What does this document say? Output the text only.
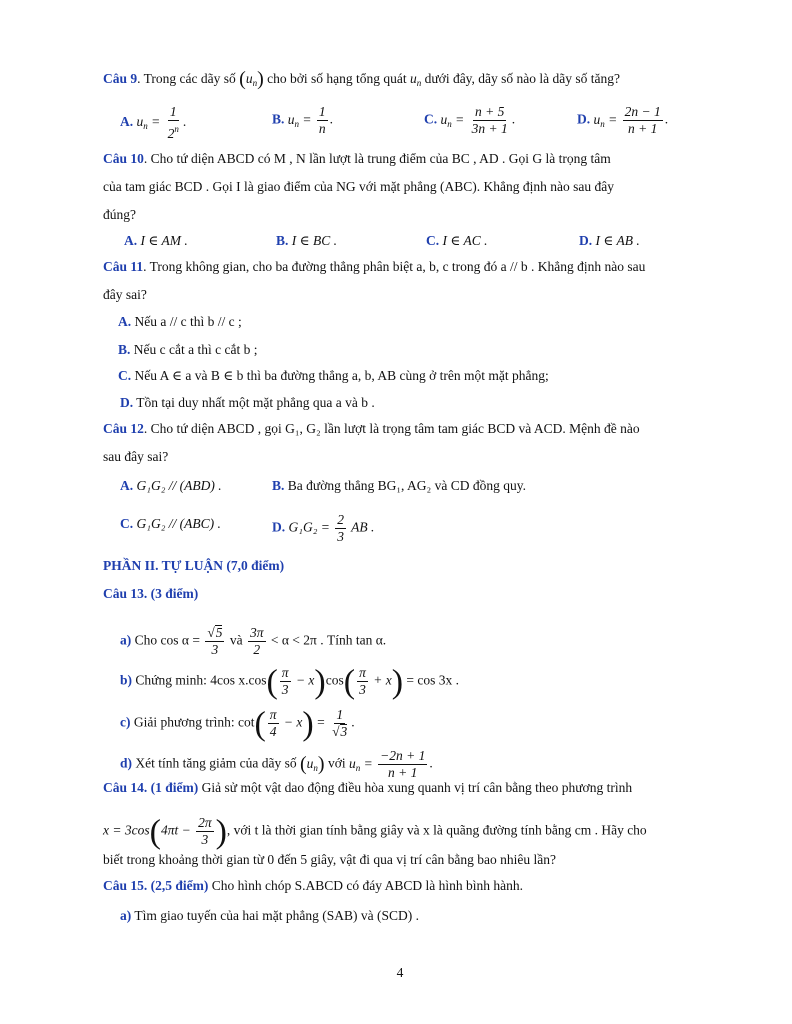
Câu 9. Trong các dãy số $(u_n)$ cho bởi số hạng tổng quát $u_n$ dưới đây, dãy số nào là dãy số tăng?
A. $u_n = \frac{1}{2^n}$ .	B. $u_n = \frac{1}{n}$ .	C. $u_n = \frac{n + 5}{3n + 1}$ .	D. $u_n = \frac{2n - 1}{n + 1}$ .
Câu 10. Cho tứ diện ABCD có M , N lần lượt là trung điểm của BC , AD . Gọi G là trọng tâm
của tam giác BCD . Gọi I là giao điểm của NG với mặt phẳng (ABC). Khẳng định nào sau đây
đúng?
A. I ∈ AM .	B. I ∈ BC .	C. I ∈ AC .	D. I ∈ AB .
Câu 11. Trong không gian, cho ba đường thẳng phân biệt a, b, c trong đó a // b . Khẳng định nào sau
đây sai?
A. Nếu a // c thì b // c ;
B. Nếu c cắt a thì c cắt b ;
C. Nếu A ∈ a và B ∈ b thì ba đường thẳng a, b, AB cùng ở trên một mặt phẳng;
D. Tồn tại duy nhất một mặt phẳng qua a và b .
Câu 12. Cho tứ diện ABCD , gọi G₁, G₂ lần lượt là trọng tâm tam giác BCD và ACD. Mệnh đề nào
sau đây sai?
A. G₁G₂ // (ABD) .	B. Ba đường thẳng BG₁, AG₂ và CD đồng quy.
C. G₁G₂ // (ABC) .	D. $G_1G_2 = \frac{2}{3}$ AB .
PHẦN II. TỰ LUẬN (7,0 điểm)
Câu 13. (3 điểm)
a) Cho $\cos \alpha = \frac{√5}{3}$ và $\frac{3\pi}{2} < \alpha < 2\pi$ . Tính tan α.
b) Chứng minh: 4cos $x.\cos( \frac{\pi}{3} - x)\cos( \frac{\pi}{3} + x) = \cos 3x$ .
c) Giải phương trình: $\cot( \frac{\pi}{4} - x) = \frac{1}{√3}$ .
d) Xét tính tăng giảm của dãy số $(u_n)$ với $u_n = \frac{-2n + 1}{n + 1}$ .
Câu 14. (1 điểm) Giả sử một vật dao động điều hòa xung quanh vị trí cân bằng theo phương trình
$x = 3\cos(4\pi t - \frac{2\pi}{3}$ ), với t là thời gian tính bằng giây và x là quãng đường tính bằng cm . Hãy cho
biết trong khoảng thời gian từ 0 đến 5 giây, vật đi qua vị trí cân bằng bao nhiêu lần?
Câu 15. (2,5 điểm) Cho hình chóp S.ABCD có đáy ABCD là hình bình hành.
a) Tìm giao tuyến của hai mặt phẳng (SAB) và (SCD) .
4
